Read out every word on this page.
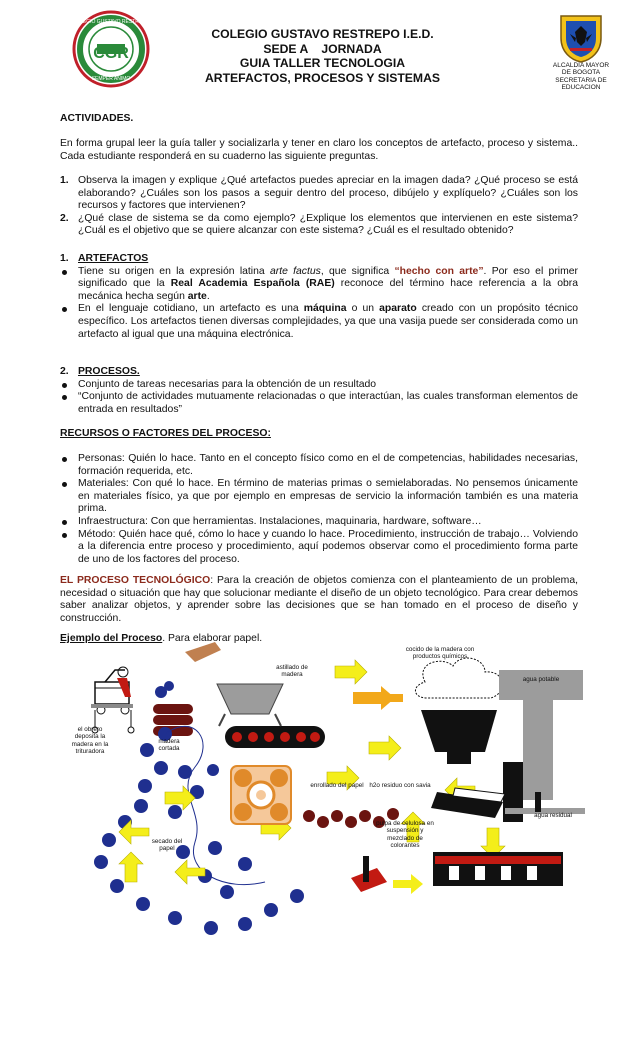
CGR
COLEGIO GUSTAVO RESTREPO
SEMPER ANIMO
COLEGIO GUSTAVO RESTREPO I.E.D.
SEDE A    JORNADA
GUIA TALLER TECNOLOGIA
ARTEFACTOS, PROCESOS Y SISTEMAS
ALCALDIA MAYOR
DE BOGOTA
SECRETARIA DE
EDUCACION
ACTIVIDADES.
En forma grupal leer la guía taller y socializarla y tener en claro los conceptos de artefacto, proceso y sistema.. Cada estudiante responderá en su cuaderno las siguiente preguntas.
1. Observa la imagen y explique ¿Qué artefactos puedes apreciar en la imagen dada? ¿Qué proceso se está elaborando? ¿Cuáles son los pasos a seguir dentro del proceso, dibújelo y explíquelo? ¿Cuáles son los recursos y factores que intervienen?
2. ¿Qué clase de sistema se da como ejemplo? ¿Explique los elementos que intervienen en este sistema? ¿Cuál es el objetivo que se quiere alcanzar con este sistema? ¿Cuál es el resultado obtenido?
1. ARTEFACTOS
Tiene su origen en la expresión latina arte factus, que significa “hecho con arte”. Por eso el primer significado que la Real Academia Española (RAE) reconoce del término hace referencia a la obra mecánica hecha según arte.
En el lenguaje cotidiano, un artefacto es una máquina o un aparato creado con un propósito técnico específico. Los artefactos tienen diversas complejidades, ya que una vasija puede ser considerada como un artefacto al igual que una máquina electrónica.
2. PROCESOS.
Conjunto de tareas necesarias para la obtención de un resultado
“Conjunto de actividades mutuamente relacionadas o que interactúan, las cuales transforman elementos de entrada en resultados”
RECURSOS O FACTORES DEL PROCESO:
Personas: Quién lo hace. Tanto en el concepto físico como en el de competencias, habilidades necesarias, formación requerida, etc.
Materiales: Con qué lo hace. En término de materias primas o semielaboradas. No pensemos únicamente en materiales físico, ya que por ejemplo en empresas de servicio la información también es una materia prima.
Infraestructura: Con que herramientas. Instalaciones, maquinaria, hardware, software…
Método: Quién hace qué, cómo lo hace y cuando lo hace. Procedimiento, instrucción de trabajo… Volviendo a la diferencia entre proceso y procedimiento, aquí podemos observar como el procedimiento forma parte de uno de los factores del proceso.
EL PROCESO TECNOLÓGICO: Para la creación de objetos comienza con el planteamiento de un problema, necesidad o situación que hay que solucionar mediante el diseño de un objeto tecnológico. Para crear debemos saber analizar objetos, y aprender sobre las decisiones que se han tomado en el proceso de diseño y construcción.
Ejemplo del Proceso. Para elaborar papel.
astillado de madera
cocido de la madera con productos químicos
agua potable
el obrero deposita la madera en la trituradora
madera cortada
enrollado del papel h2o residuo con savia
agua residual
pulpa de celulosa en suspensión y mezclado de colorantes
secado del papel
